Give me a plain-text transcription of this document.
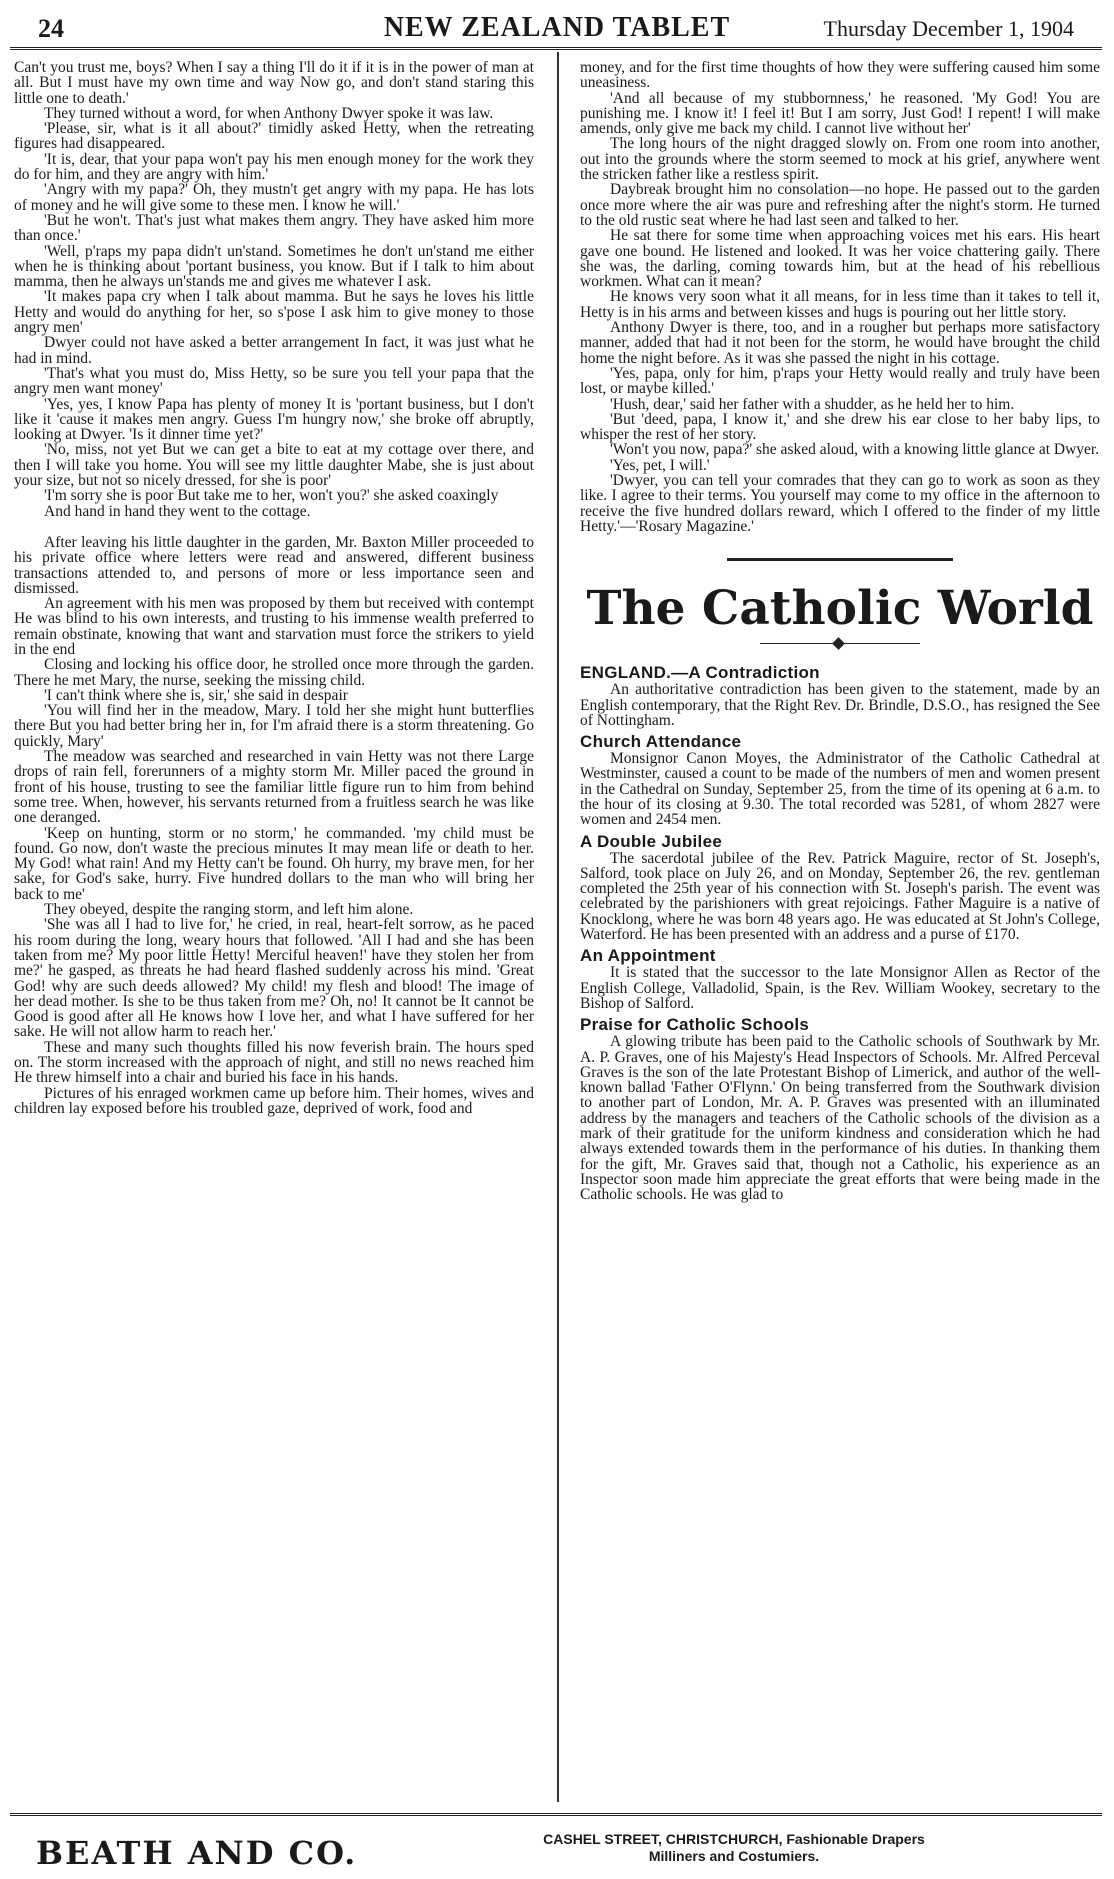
24	NEW ZEALAND TABLET	Thursday December 1, 1904

Can't you trust me, boys? When I say a thing I'll do it if it is in the power of man at all. But I must have my own time and way Now go, and don't stand staring this little one to death.'

They turned without a word, for when Anthony Dwyer spoke it was law.

'Please, sir, what is it all about?' timidly asked Hetty, when the retreating figures had disappeared.

'It is, dear, that your papa won't pay his men enough money for the work they do for him, and they are angry with him.'

'Angry with my papa?' Oh, they mustn't get angry with my papa. He has lots of money and he will give some to these men. I know he will.'

'But he won't. That's just what makes them angry. They have asked him more than once.'

'Well, p'raps my papa didn't un'stand. Sometimes he don't un'stand me either when he is thinking about 'portant business, you know. But if I talk to him about mamma, then he always un'stands me and gives me whatever I ask.

'It makes papa cry when I talk about mamma. But he says he loves his little Hetty and would do anything for her, so s'pose I ask him to give money to those angry men'

Dwyer could not have asked a better arrangement In fact, it was just what he had in mind.

'That's what you must do, Miss Hetty, so be sure you tell your papa that the angry men want money'

'Yes, yes, I know Papa has plenty of money It is 'portant business, but I don't like it 'cause it makes men angry. Guess I'm hungry now,' she broke off abruptly, looking at Dwyer. 'Is it dinner time yet?'

'No, miss, not yet But we can get a bite to eat at my cottage over there, and then I will take you home. You will see my little daughter Mabe, she is just about your size, but not so nicely dressed, for she is poor'

'I'm sorry she is poor But take me to her, won't you?' she asked coaxingly

And hand in hand they went to the cottage.

After leaving his little daughter in the garden, Mr. Baxton Miller proceeded to his private office where letters were read and answered, different business transactions attended to, and persons of more or less importance seen and dismissed.

An agreement with his men was proposed by them but received with contempt He was blind to his own interests, and trusting to his immense wealth preferred to remain obstinate, knowing that want and starvation must force the strikers to yield in the end

Closing and locking his office door, he strolled once more through the garden. There he met Mary, the nurse, seeking the missing child.

'I can't think where she is, sir,' she said in despair

'You will find her in the meadow, Mary. I told her she might hunt butterflies there But you had better bring her in, for I'm afraid there is a storm threatening. Go quickly, Mary'

The meadow was searched and researched in vain Hetty was not there Large drops of rain fell, forerunners of a mighty storm Mr. Miller paced the ground in front of his house, trusting to see the familiar little figure run to him from behind some tree. When, however, his servants returned from a fruitless search he was like one deranged.

'Keep on hunting, storm or no storm,' he commanded. 'my child must be found. Go now, don't waste the precious minutes It may mean life or death to her. My God! what rain! And my Hetty can't be found. Oh hurry, my brave men, for her sake, for God's sake, hurry. Five hundred dollars to the man who will bring her back to me'

They obeyed, despite the ranging storm, and left him alone.

'She was all I had to live for,' he cried, in real, heart-felt sorrow, as he paced his room during the long, weary hours that followed. 'All I had and she has been taken from me? My poor little Hetty! Merciful heaven!' have they stolen her from me?' he gasped, as threats he had heard flashed suddenly across his mind. 'Great God! why are such deeds allowed? My child! my flesh and blood! The image of her dead mother. Is she to be thus taken from me? Oh, no! It cannot be It cannot be Good is good after all He knows how I love her, and what I have suffered for her sake. He will not allow harm to reach her.'

These and many such thoughts filled his now feverish brain. The hours sped on. The storm increased with the approach of night, and still no news reached him He threw himself into a chair and buried his face in his hands.

Pictures of his enraged workmen came up before him. Their homes, wives and children lay exposed before his troubled gaze, deprived of work, food and

money, and for the first time thoughts of how they were suffering caused him some uneasiness.

'And all because of my stubbornness,' he reasoned. 'My God! You are punishing me. I know it! I feel it! But I am sorry, Just God! I repent! I will make amends, only give me back my child. I cannot live without her'

The long hours of the night dragged slowly on. From one room into another, out into the grounds where the storm seemed to mock at his grief, anywhere went the stricken father like a restless spirit.

Daybreak brought him no consolation—no hope. He passed out to the garden once more where the air was pure and refreshing after the night's storm. He turned to the old rustic seat where he had last seen and talked to her.

He sat there for some time when approaching voices met his ears. His heart gave one bound. He listened and looked. It was her voice chattering gaily. There she was, the darling, coming towards him, but at the head of his rebellious workmen. What can it mean?

He knows very soon what it all means, for in less time than it takes to tell it, Hetty is in his arms and between kisses and hugs is pouring out her little story.

Anthony Dwyer is there, too, and in a rougher but perhaps more satisfactory manner, added that had it not been for the storm, he would have brought the child home the night before. As it was she passed the night in his cottage.

'Yes, papa, only for him, p'raps your Hetty would really and truly have been lost, or maybe killed.'

'Hush, dear,' said her father with a shudder, as he held her to him.

'But 'deed, papa, I know it,' and she drew his ear close to her baby lips, to whisper the rest of her story.

'Won't you now, papa?' she asked aloud, with a knowing little glance at Dwyer.

'Yes, pet, I will.'

'Dwyer, you can tell your comrades that they can go to work as soon as they like. I agree to their terms. You yourself may come to my office in the afternoon to receive the five hundred dollars reward, which I offered to the finder of my little Hetty.'—'Rosary Magazine.'

The Catholic World
ENGLAND.—A Contradiction

An authoritative contradiction has been given to the statement, made by an English contemporary, that the Right Rev. Dr. Brindle, D.S.O., has resigned the See of Nottingham.

Church Attendance

Monsignor Canon Moyes, the Administrator of the Catholic Cathedral at Westminster, caused a count to be made of the numbers of men and women present in the Cathedral on Sunday, September 25, from the time of its opening at 6 a.m. to the hour of its closing at 9.30. The total recorded was 5281, of whom 2827 were women and 2454 men.

A Double Jubilee

The sacerdotal jubilee of the Rev. Patrick Maguire, rector of St. Joseph's, Salford, took place on July 26, and on Monday, September 26, the rev. gentleman completed the 25th year of his connection with St. Joseph's parish. The event was celebrated by the parishioners with great rejoicings. Father Maguire is a native of Knocklong, where he was born 48 years ago. He was educated at St John's College, Waterford. He has been presented with an address and a purse of £170.

An Appointment

It is stated that the successor to the late Monsignor Allen as Rector of the English College, Valladolid, Spain, is the Rev. William Wookey, secretary to the Bishop of Salford.

Praise for Catholic Schools

A glowing tribute has been paid to the Catholic schools of Southwark by Mr. A. P. Graves, one of his Majesty's Head Inspectors of Schools. Mr. Alfred Perceval Graves is the son of the late Protestant Bishop of Limerick, and author of the well-known ballad 'Father O'Flynn.' On being transferred from the Southwark division to another part of London, Mr. A. P. Graves was presented with an illuminated address by the managers and teachers of the Catholic schools of the division as a mark of their gratitude for the uniform kindness and consideration which he had always extended towards them in the performance of his duties. In thanking them for the gift, Mr. Graves said that, though not a Catholic, his experience as an Inspector soon made him appreciate the great efforts that were being made in the Catholic schools. He was glad to

BEATH AND CO.	CASHEL STREET, CHRISTCHURCH, Fashionable Drapers
Milliners and Costumiers.
